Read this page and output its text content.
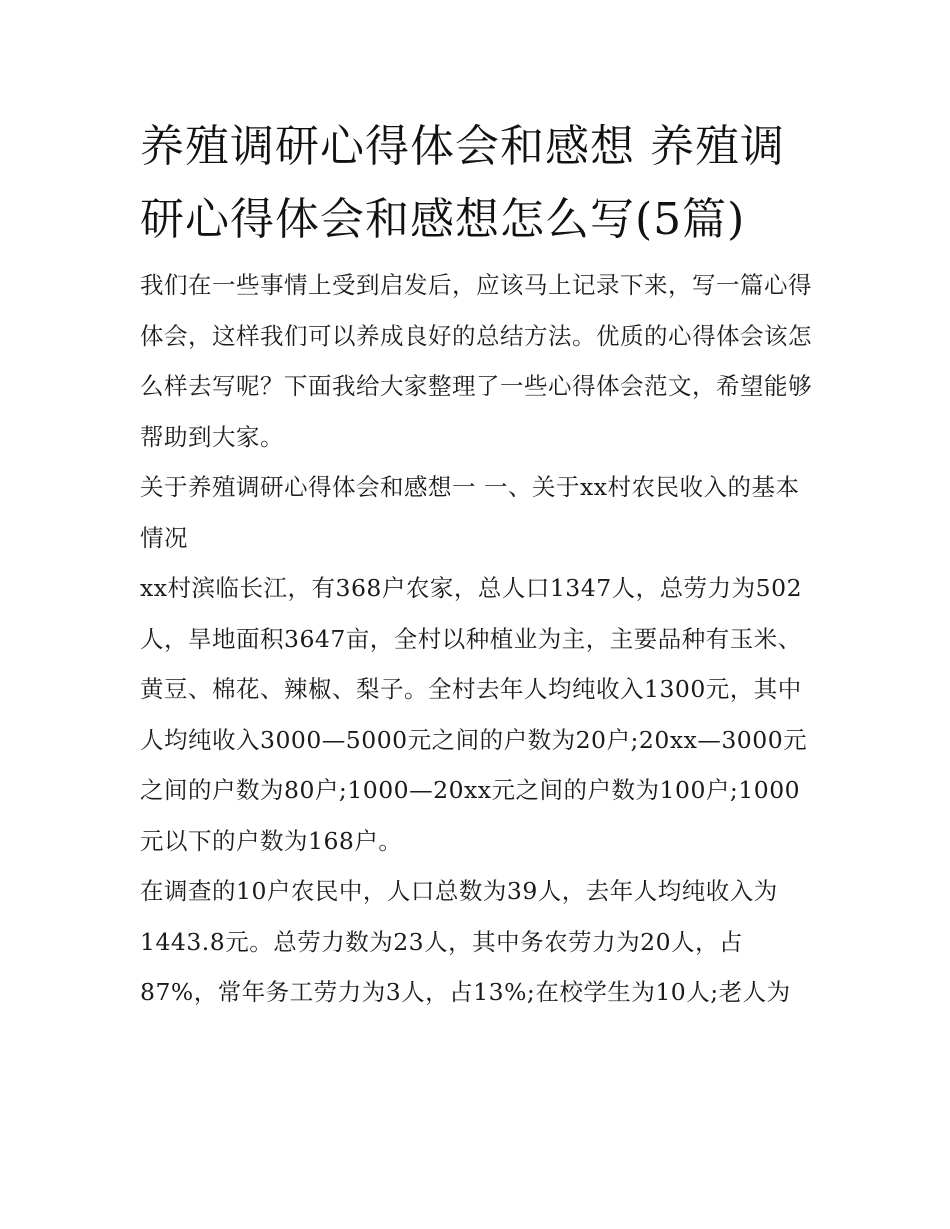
养殖调研心得体会和感想 养殖调研心得体会和感想怎么写(5篇)

我们在一些事情上受到启发后，应该马上记录下来，写一篇心得体会，这样我们可以养成良好的总结方法。优质的心得体会该怎么样去写呢？下面我给大家整理了一些心得体会范文，希望能够帮助到大家。

关于养殖调研心得体会和感想一 一、关于xx村农民收入的基本情况

xx村滨临长江，有368户农家，总人口1347人，总劳力为502人，旱地面积3647亩，全村以种植业为主，主要品种有玉米、黄豆、棉花、辣椒、梨子。全村去年人均纯收入1300元，其中人均纯收入3000—5000元之间的户数为20户;20xx—3000元之间的户数为80户;1000—20xx元之间的户数为100户;1000元以下的户数为168户。

在调查的10户农民中，人口总数为39人，去年人均纯收入为1443.8元。总劳力数为23人，其中务农劳力为20人，占87%，常年务工劳力为3人，占13%;在校学生为10人;老人为
